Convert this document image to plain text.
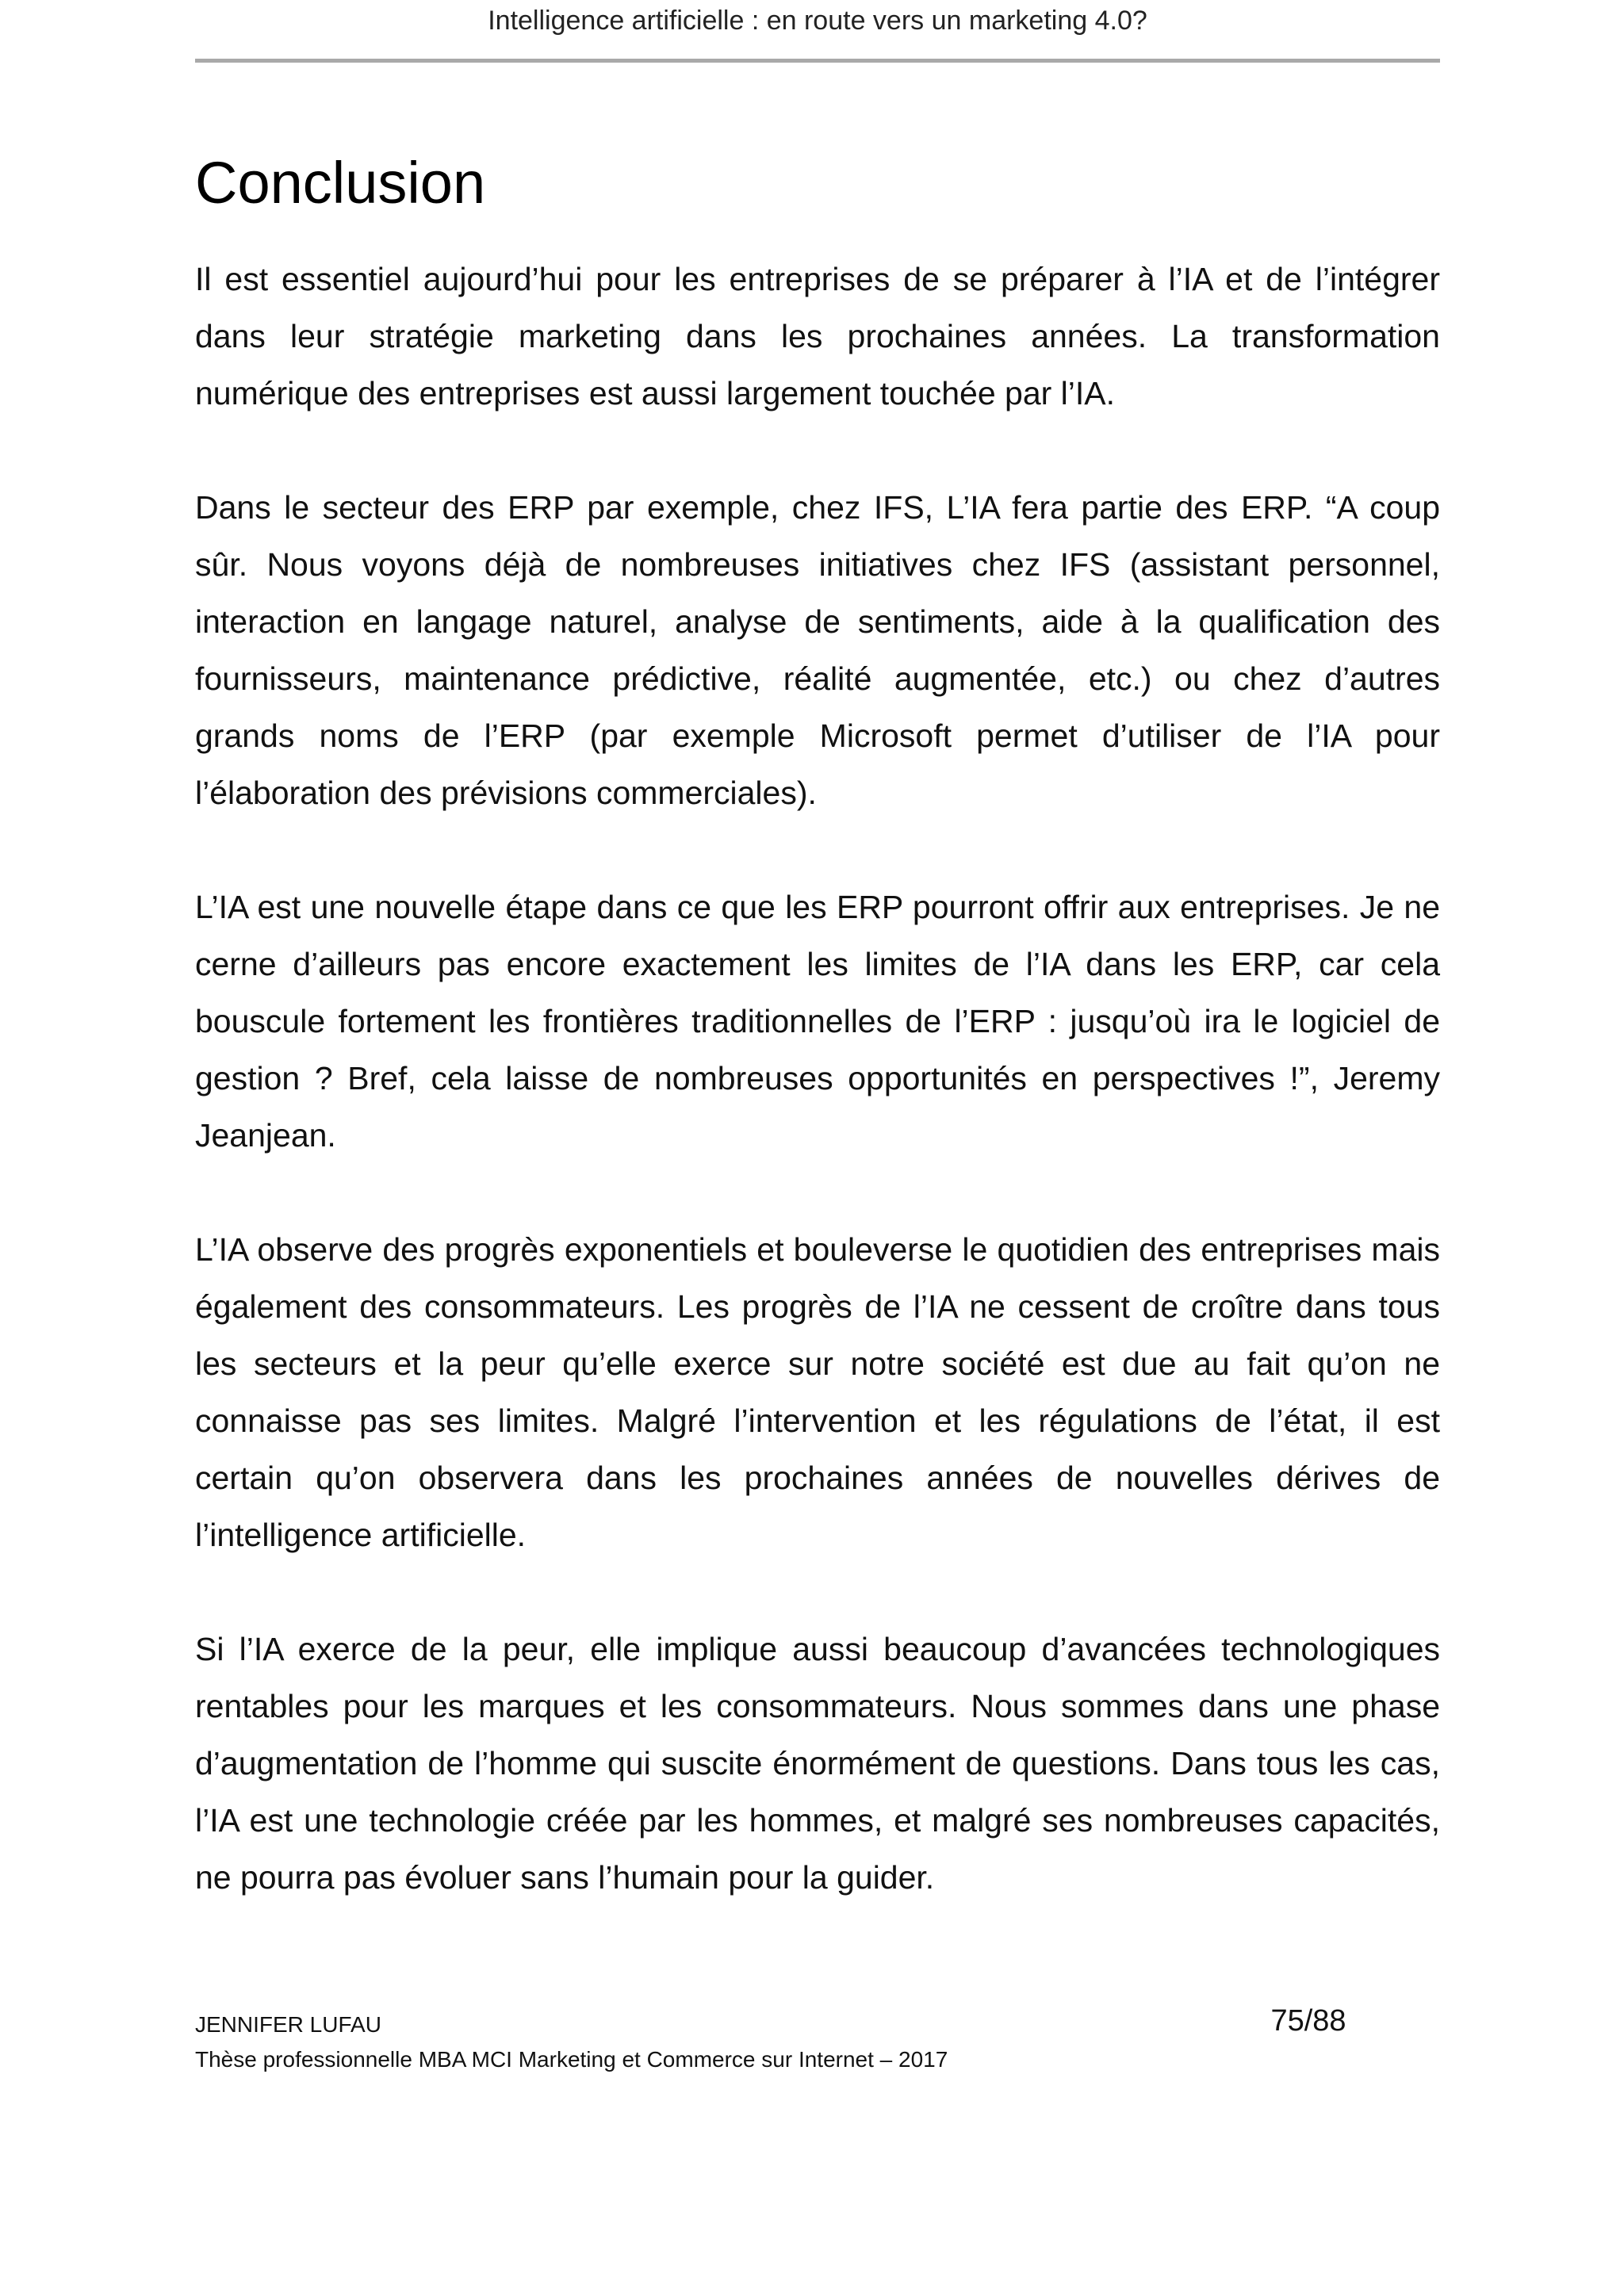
Intelligence artificielle : en route vers un marketing 4.0?
Conclusion

Il est essentiel aujourd’hui pour les entreprises de se préparer à l’IA et de l’intégrer dans leur stratégie marketing dans les prochaines années. La transformation numérique des entreprises est aussi largement touchée par l’IA.

Dans le secteur des ERP par exemple, chez IFS, L’IA fera partie des ERP. “A coup sûr. Nous voyons déjà de nombreuses initiatives chez IFS (assistant personnel, interaction en langage naturel, analyse de sentiments, aide à la qualification des fournisseurs, maintenance prédictive, réalité augmentée, etc.) ou chez d’autres grands noms de l’ERP (par exemple Microsoft permet d’utiliser de l’IA pour l’élaboration des prévisions commerciales).

L’IA est une nouvelle étape dans ce que les ERP pourront offrir aux entreprises. Je ne cerne d’ailleurs pas encore exactement les limites de l’IA dans les ERP, car cela bouscule fortement les frontières traditionnelles de l’ERP : jusqu’où ira le logiciel de gestion ? Bref, cela laisse de nombreuses opportunités en perspectives !”, Jeremy Jeanjean.

L’IA observe des progrès exponentiels et bouleverse le quotidien des entreprises mais également des consommateurs. Les progrès de l’IA ne cessent de croître dans tous les secteurs et la peur qu’elle exerce sur notre société est due au fait qu’on ne connaisse pas ses limites. Malgré l’intervention et les régulations de l’état, il est certain qu’on observera dans les prochaines années de nouvelles dérives de l’intelligence artificielle.

Si l’IA exerce de la peur, elle implique aussi beaucoup d’avancées technologiques rentables pour les marques et les consommateurs. Nous sommes dans une phase d’augmentation de l’homme qui suscite énormément de questions. Dans tous les cas, l’IA est une technologie créée par les hommes, et malgré ses nombreuses capacités, ne pourra pas évoluer sans l’humain pour la guider.

JENNIFER LUFAU
Thèse professionnelle MBA MCI Marketing et Commerce sur Internet – 2017
75/88
